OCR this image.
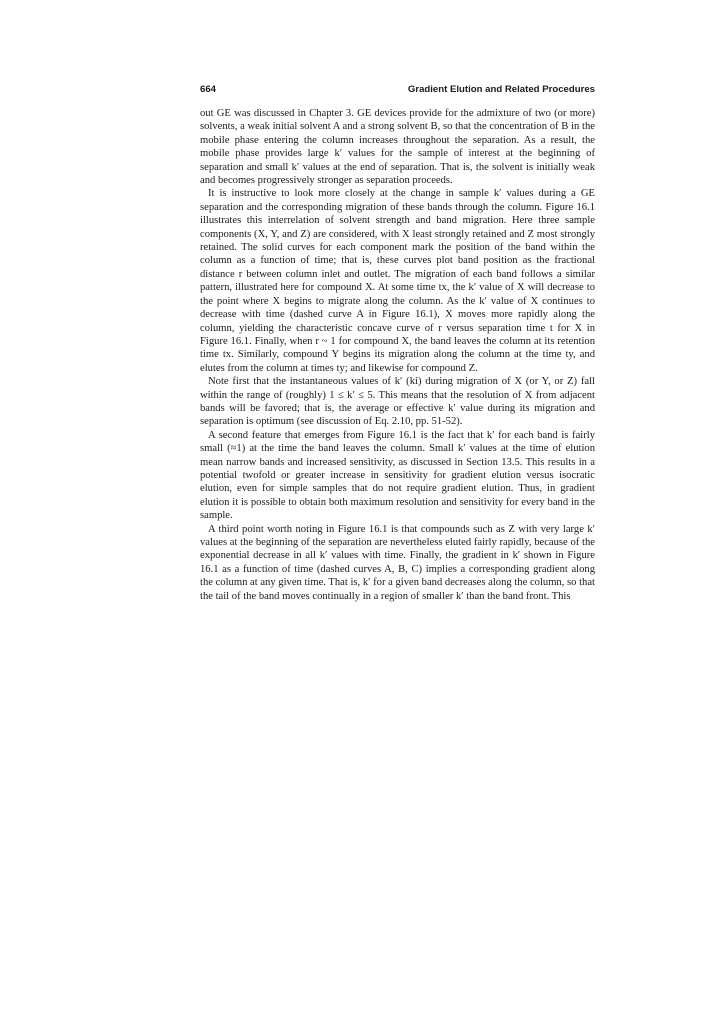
664	Gradient Elution and Related Procedures

out GE was discussed in Chapter 3. GE devices provide for the admixture of two (or more) solvents, a weak initial solvent A and a strong solvent B, so that the concentration of B in the mobile phase entering the column increases throughout the separation. As a result, the mobile phase provides large k′ values for the sample of interest at the beginning of separation and small k′ values at the end of separation. That is, the solvent is initially weak and becomes progressively stronger as separation proceeds.

It is instructive to look more closely at the change in sample k′ values during a GE separation and the corresponding migration of these bands through the column. Figure 16.1 illustrates this interrelation of solvent strength and band migration. Here three sample components (X, Y, and Z) are considered, with X least strongly retained and Z most strongly retained. The solid curves for each component mark the position of the band within the column as a function of time; that is, these curves plot band position as the fractional distance r between column inlet and outlet. The migration of each band follows a similar pattern, illustrated here for compound X. At some time tx, the k′ value of X will decrease to the point where X begins to migrate along the column. As the k′ value of X continues to decrease with time (dashed curve A in Figure 16.1), X moves more rapidly along the column, yielding the characteristic concave curve of r versus separation time t for X in Figure 16.1. Finally, when r ~ 1 for compound X, the band leaves the column at its retention time tx. Similarly, compound Y begins its migration along the column at the time ty, and elutes from the column at times ty; and likewise for compound Z.

Note first that the instantaneous values of k′ (ki) during migration of X (or Y, or Z) fall within the range of (roughly) 1 ≤ k′ ≤ 5. This means that the resolution of X from adjacent bands will be favored; that is, the average or effective k′ value during its migration and separation is optimum (see discussion of Eq. 2.10, pp. 51-52).

A second feature that emerges from Figure 16.1 is the fact that k′ for each band is fairly small (≈1) at the time the band leaves the column. Small k′ values at the time of elution mean narrow bands and increased sensitivity, as discussed in Section 13.5. This results in a potential twofold or greater increase in sensitivity for gradient elution versus isocratic elution, even for simple samples that do not require gradient elution. Thus, in gradient elution it is possible to obtain both maximum resolution and sensitivity for every band in the sample.

A third point worth noting in Figure 16.1 is that compounds such as Z with very large k′ values at the beginning of the separation are nevertheless eluted fairly rapidly, because of the exponential decrease in all k′ values with time. Finally, the gradient in k′ shown in Figure 16.1 as a function of time (dashed curves A, B, C) implies a corresponding gradient along the column at any given time. That is, k′ for a given band decreases along the column, so that the tail of the band moves continually in a region of smaller k′ than the band front. This
